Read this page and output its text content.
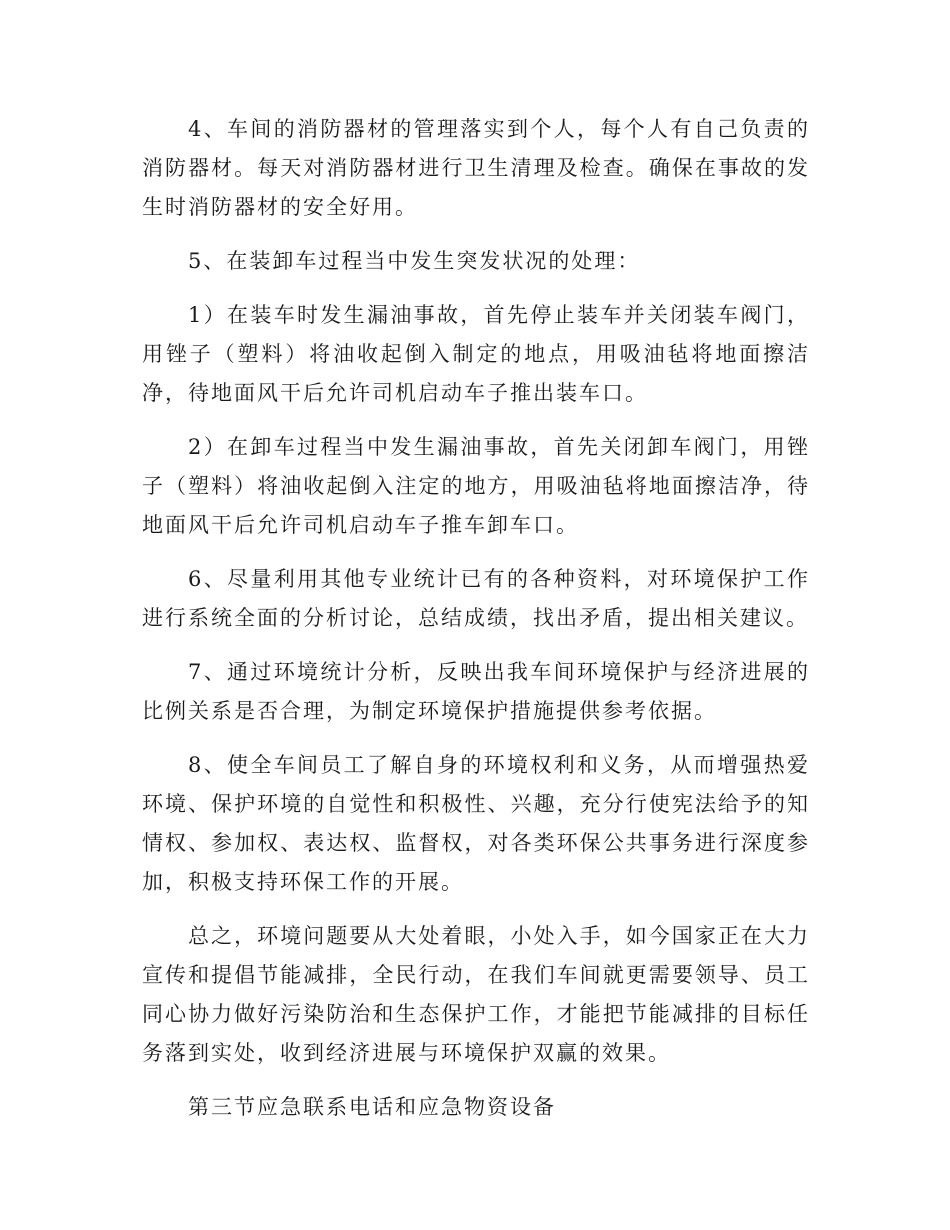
4、车间的消防器材的管理落实到个人，每个人有自己负责的消防器材。每天对消防器材进行卫生清理及检查。确保在事故的发生时消防器材的安全好用。

5、在装卸车过程当中发生突发状况的处理：

1）在装车时发生漏油事故，首先停止装车并关闭装车阀门，用锉子（塑料）将油收起倒入制定的地点，用吸油毡将地面擦洁净，待地面风干后允许司机启动车子推出装车口。

2）在卸车过程当中发生漏油事故，首先关闭卸车阀门，用锉子（塑料）将油收起倒入注定的地方，用吸油毡将地面擦洁净，待地面风干后允许司机启动车子推车卸车口。

6、尽量利用其他专业统计已有的各种资料，对环境保护工作进行系统全面的分析讨论，总结成绩，找出矛盾，提出相关建议。

7、通过环境统计分析，反映出我车间环境保护与经济进展的比例关系是否合理，为制定环境保护措施提供参考依据。

8、使全车间员工了解自身的环境权利和义务，从而增强热爱环境、保护环境的自觉性和积极性、兴趣，充分行使宪法给予的知情权、参加权、表达权、监督权，对各类环保公共事务进行深度参加，积极支持环保工作的开展。

总之，环境问题要从大处着眼，小处入手，如今国家正在大力宣传和提倡节能减排，全民行动，在我们车间就更需要领导、员工同心协力做好污染防治和生态保护工作，才能把节能减排的目标任务落到实处，收到经济进展与环境保护双赢的效果。

第三节应急联系电话和应急物资设备
